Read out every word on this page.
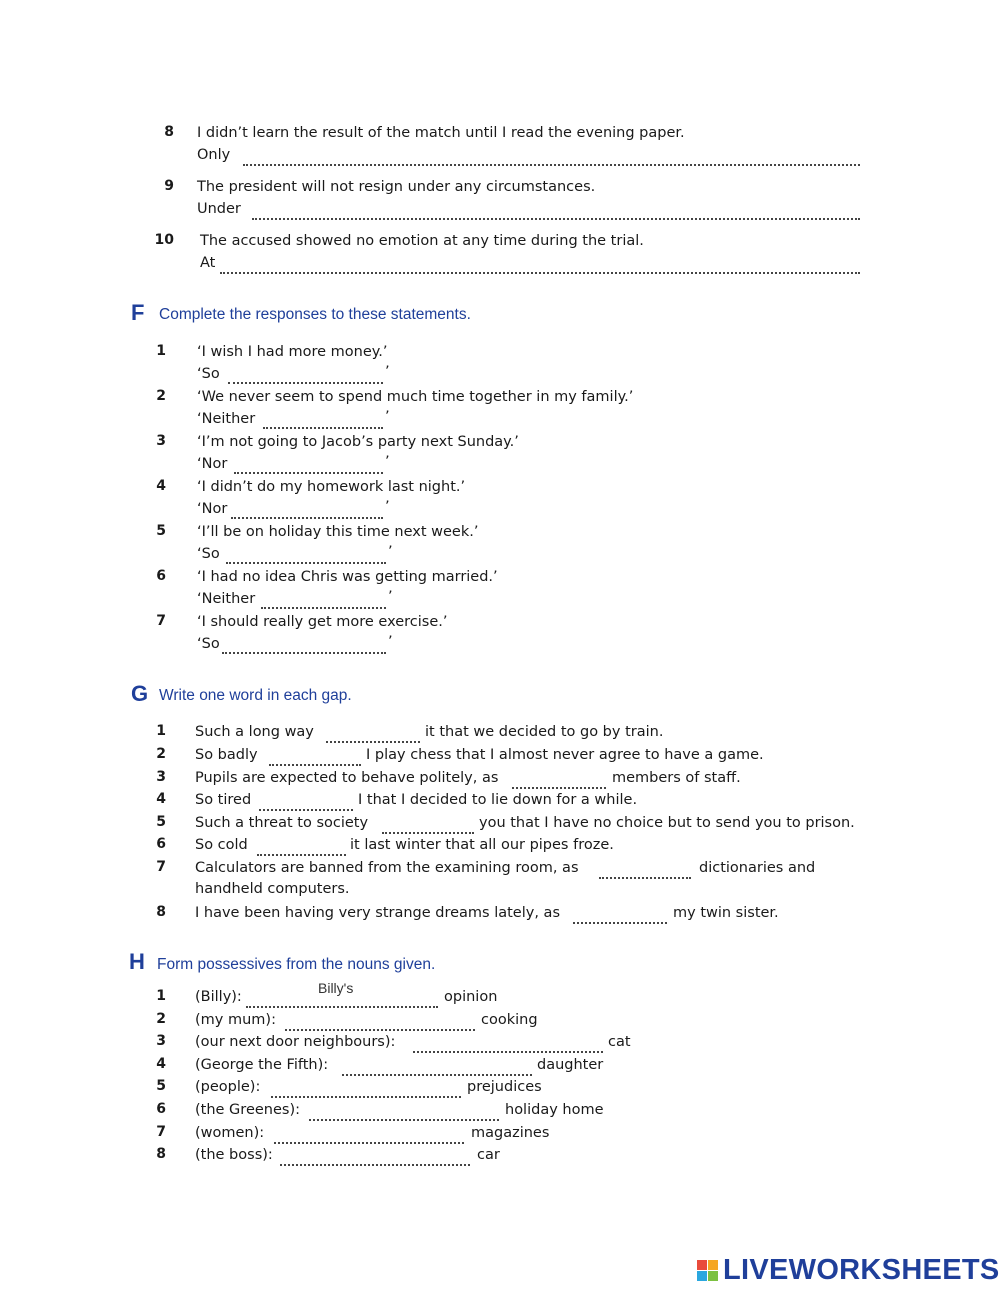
8 I didn’t learn the result of the match until I read the evening paper.
Only
9 The president will not resign under any circumstances.
Under
10 The accused showed no emotion at any time during the trial.
At
F Complete the responses to these statements.
1 ‘I wish I had more money.’
‘So	’
2 ‘We never seem to spend much time together in my family.’
‘Neither	’
3 ‘I’m not going to Jacob’s party next Sunday.’
‘Nor	’
4 ‘I didn’t do my homework last night.’
‘Nor	’
5 ‘I’ll be on holiday this time next week.’
‘So	’
6 ‘I had no idea Chris was getting married.’
‘Neither	’
7 ‘I should really get more exercise.’
‘So	’
G Write one word in each gap.
1 Such a long way	it that we decided to go by train.
2 So badly	I play chess that I almost never agree to have a game.
3 Pupils are expected to behave politely, as	members of staff.
4 So tired	I that I decided to lie down for a while.
5 Such a threat to society	you that I have no choice but to send you to prison.
6 So cold	it last winter that all our pipes froze.
7 Calculators are banned from the examining room, as	dictionaries and
handheld computers.
8 I have been having very strange dreams lately, as	my twin sister.
H Form possessives from the nouns given.
1 (Billy):
Billy's	opinion
2 (my mum):	cooking
3 (our next door neighbours):	cat
4 (George the Fifth):	daughter
5 (people):	prejudices
6 (the Greenes):	holiday home
7 (women):	magazines
8 (the boss):	car
LIVEWORKSHEETS
